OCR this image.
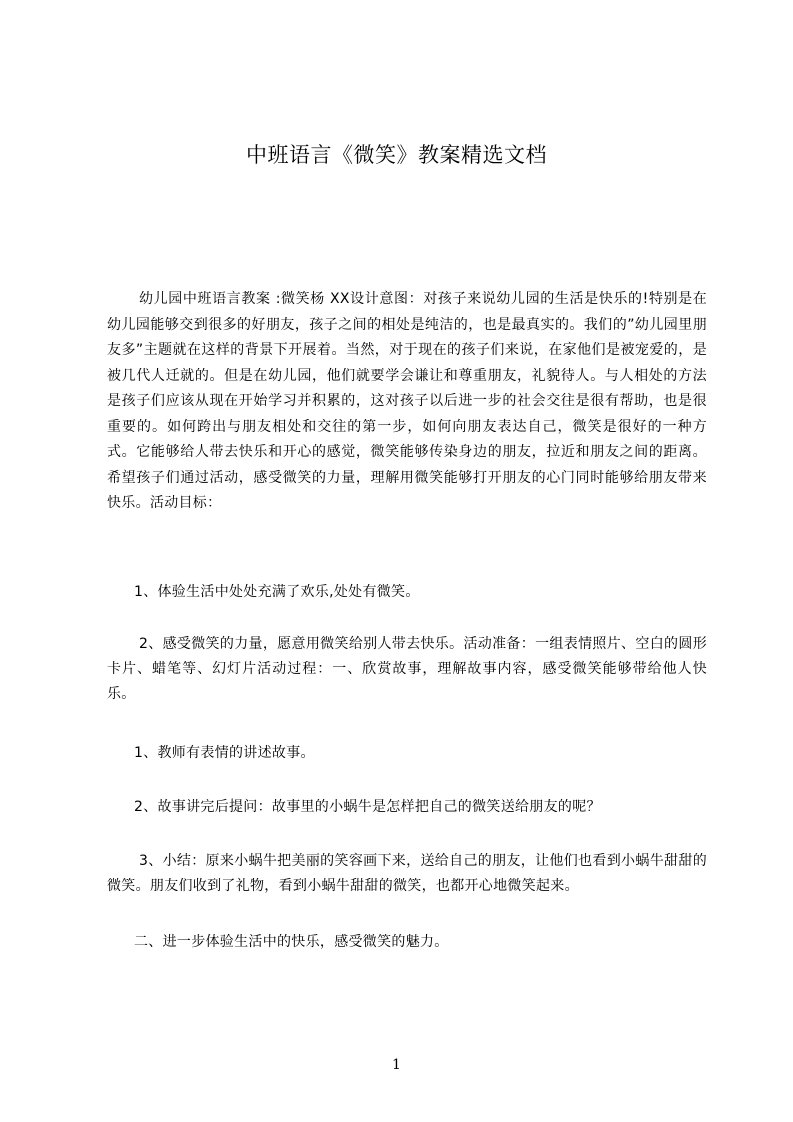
中班语言《微笑》教案精选文档
幼儿园中班语言教案 :微笑杨 XX设计意图：对孩子来说幼儿园的生活是快乐的!特别是在幼儿园能够交到很多的好朋友，孩子之间的相处是纯洁的，也是最真实的。我们的”幼儿园里朋友多”主题就在这样的背景下开展着。当然，对于现在的孩子们来说，在家他们是被宠爱的，是被几代人迁就的。但是在幼儿园，他们就要学会谦让和尊重朋友，礼貌待人。与人相处的方法是孩子们应该从现在开始学习并积累的，这对孩子以后进一步的社会交往是很有帮助，也是很重要的。如何跨出与朋友相处和交往的第一步，如何向朋友表达自己，微笑是很好的一种方式。它能够给人带去快乐和开心的感觉，微笑能够传染身边的朋友，拉近和朋友之间的距离。希望孩子们通过活动，感受微笑的力量，理解用微笑能够打开朋友的心门同时能够给朋友带来快乐。活动目标：
1、体验生活中处处充满了欢乐,处处有微笑。
2、感受微笑的力量，愿意用微笑给别人带去快乐。活动准备：一组表情照片、空白的圆形卡片、蜡笔等、幻灯片活动过程：一、欣赏故事，理解故事内容，感受微笑能够带给他人快乐。
1、教师有表情的讲述故事。
2、故事讲完后提问：故事里的小蜗牛是怎样把自己的微笑送给朋友的呢？
3、小结：原来小蜗牛把美丽的笑容画下来，送给自己的朋友，让他们也看到小蜗牛甜甜的微笑。朋友们收到了礼物，看到小蜗牛甜甜的微笑，也都开心地微笑起来。
二、进一步体验生活中的快乐，感受微笑的魅力。
1
